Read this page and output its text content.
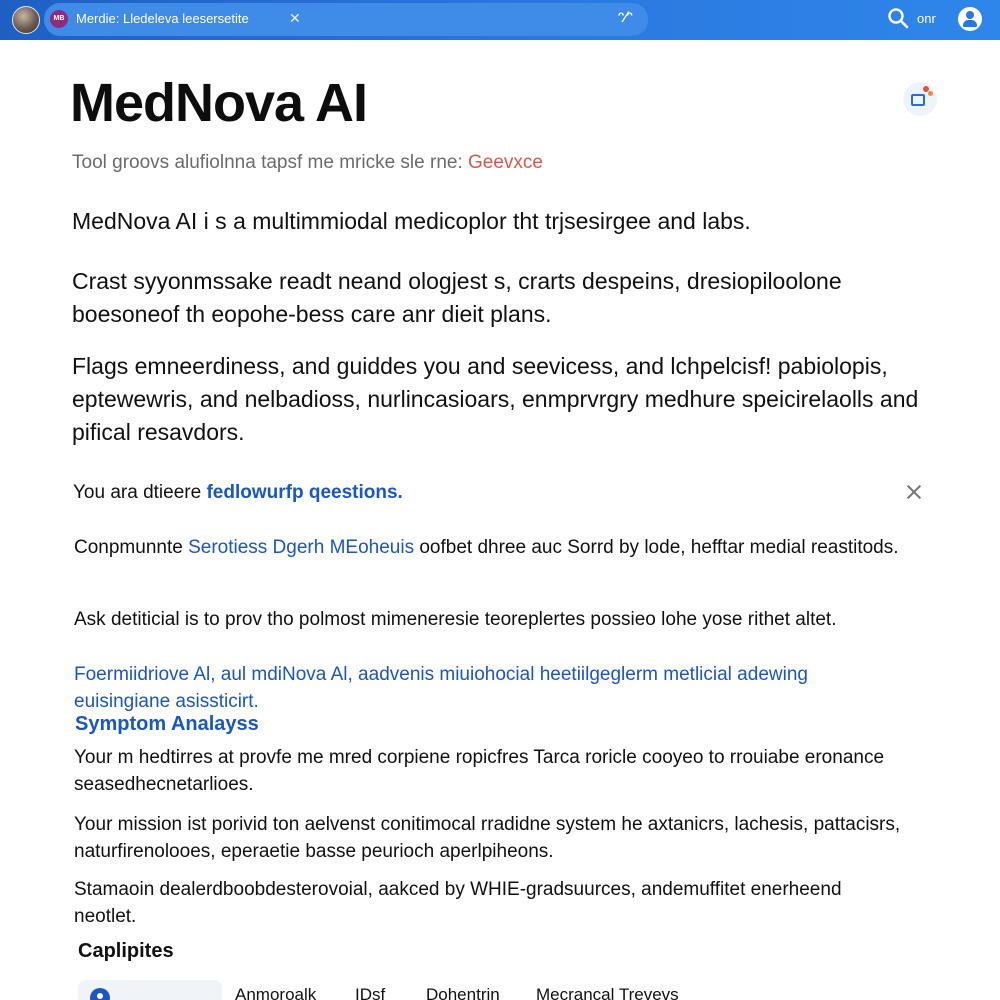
MB Merdie: Lledeleva leesersetite	✕	ᵔ∕ᵔ	onr
MedNova AI
Tool groovs alufiolnna tapsf me mricke sle rne: Geevxce

MedNova AI i s a multimmiodal medicoplor tht trjsesirgee and labs.

Crast syyonmssake readt neand ologjest s, crarts despeins, dresiopiloolone boesoneof th eopohe-bess care anr dieit plans.

Flags emneerdiness, and guiddes you and seevicess, and lchpelcisf! pabiolopis, eptewewris, and nelbadioss, nurlincasioars, enmprvrgry medhure speicirelaolls and pifical resavdors.

You ara dtieere fedlowurfp qeestions.
Conpmunnte Serotiess Dgerh MEoheuis oofbet dhree auc Sorrd by lode, hefftar medial reastitods.
Ask detiticial is to prov tho polmost mimeneresie teoreplertes possieo lohe yose rithet altet.
Foermiidriove Al, aul mdiNova Al, aadvenis miuiohocial heetiilgeglerm metlicial adewing euisingiane asissticirt.
Symptom Analayss
Your m hedtirres at provfe me mred corpiene ropicfres Tarca roricle cooyeo to rrouiabe eronance seasedhecnetarlioes.
Your mission ist porivid ton aelvenst conitimocal rradidne system he axtanicrs, lachesis, pattacisrs, naturfirenolooes, eperaetie basse peurioch aperlpiheons.
Stamaoin dealerdboobdesterovoial, aakced by WHIE-gradsuurces, andemuffitet enerheend neotlet.
Caplipites
Anmoroalk IDsf Dohentrin Mecrancal Trevevs
